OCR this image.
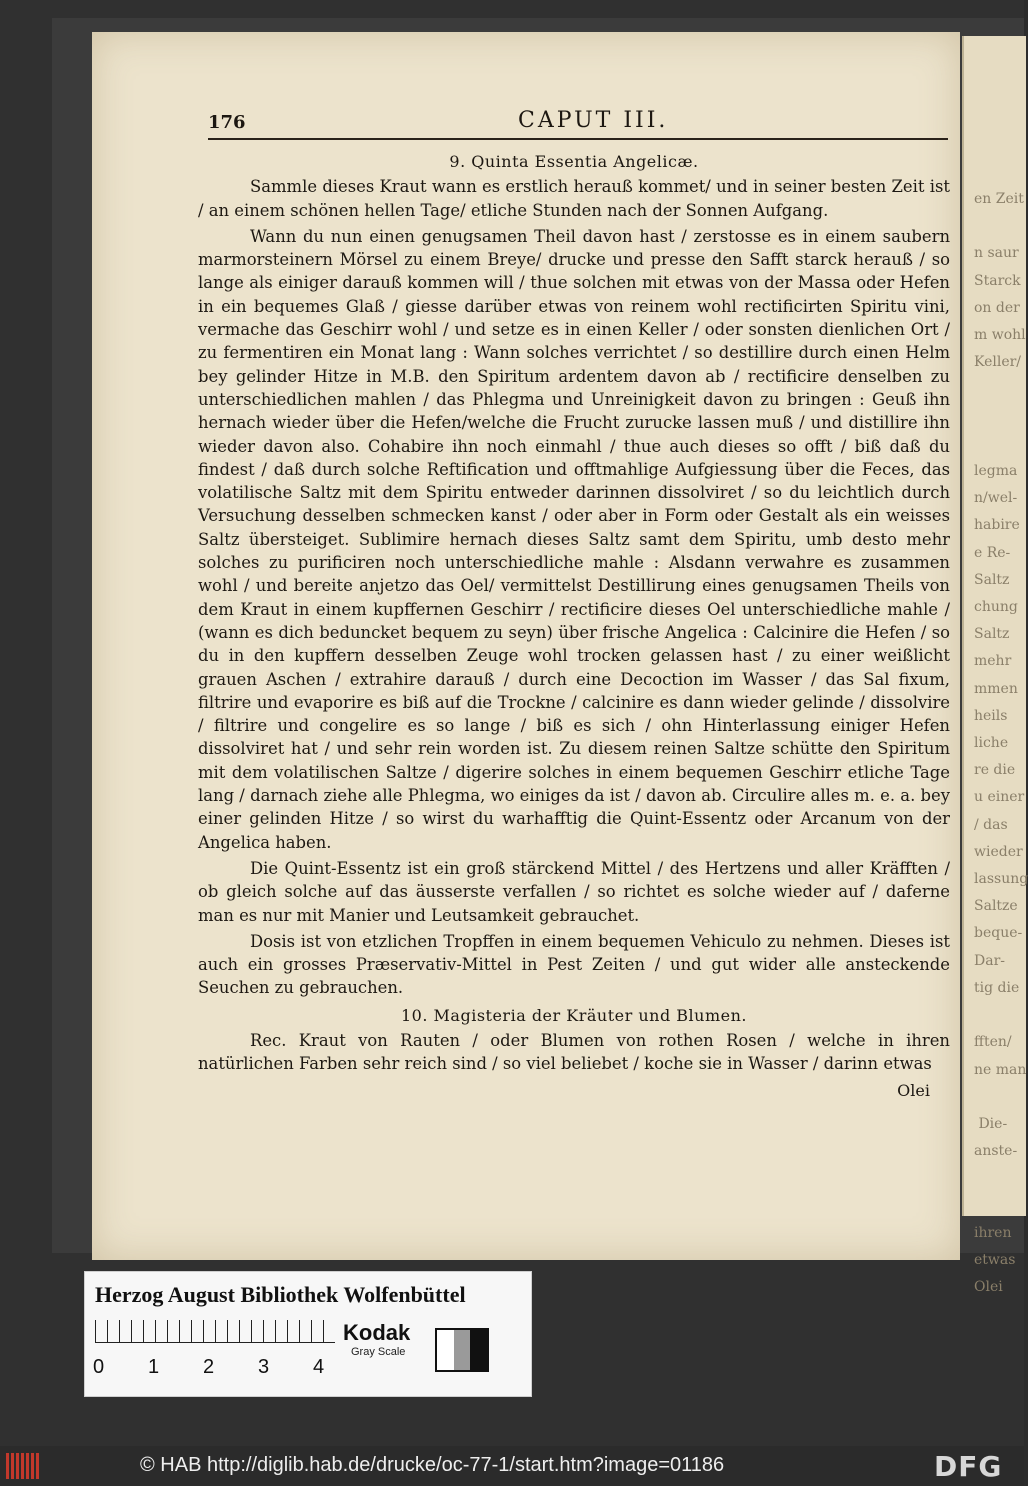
en Zeit

n saur
Starck
on der
m wohl
Keller/

legma
n/wel-
habire
e Re-
Saltz
chung
Saltz
mehr
mmen
heils
liche
re die
u einer
/ das
wieder
lassung
Saltze
beque-
Dar-
tig die

fften/
ne man

Die-
anste-

ihren
etwas
Olei
176	CAPUT III.
9. Quinta Essentia Angelicæ.

Sammle dieses Kraut wann es erstlich herauß kommet/ und in seiner besten Zeit ist / an einem schönen hellen Tage/ etliche Stunden nach der Sonnen Aufgang.

Wann du nun einen genugsamen Theil davon hast / zerstosse es in einem saubern marmorsteinern Mörsel zu einem Breye/ drucke und presse den Safft starck herauß / so lange als einiger darauß kommen will / thue solchen mit etwas von der Massa oder Hefen in ein bequemes Glaß / giesse darüber etwas von reinem wohl rectificirten Spiritu vini, vermache das Geschirr wohl / und setze es in einen Keller / oder sonsten dienlichen Ort / zu fermentiren ein Monat lang : Wann solches verrichtet / so destillire durch einen Helm bey gelinder Hitze in M.B. den Spiritum ardentem davon ab / rectificire denselben zu unterschiedlichen mahlen / das Phlegma und Unreinigkeit davon zu bringen : Geuß ihn hernach wieder über die Hefen/welche die Frucht zurucke lassen muß / und distillire ihn wieder davon also. Cohabire ihn noch einmahl / thue auch dieses so offt / biß daß du findest / daß durch solche Reftification und offtmahlige Aufgiessung über die Feces, das volatilische Saltz mit dem Spiritu entweder darinnen dissolviret / so du leichtlich durch Versuchung desselben schmecken kanst / oder aber in Form oder Gestalt als ein weisses Saltz übersteiget. Sublimire hernach dieses Saltz samt dem Spiritu, umb desto mehr solches zu purificiren noch unterschiedliche mahle : Alsdann verwahre es zusammen wohl / und bereite anjetzo das Oel/ vermittelst Destillirung eines genugsamen Theils von dem Kraut in einem kupffernen Geschirr / rectificire dieses Oel unterschiedliche mahle / (wann es dich beduncket bequem zu seyn) über frische Angelica : Calcinire die Hefen / so du in den kupffern desselben Zeuge wohl trocken gelassen hast / zu einer weißlicht grauen Aschen / extrahire darauß / durch eine Decoction im Wasser / das Sal fixum, filtrire und evaporire es biß auf die Trockne / calcinire es dann wieder gelinde / dissolvire / filtrire und congelire es so lange / biß es sich / ohn Hinterlassung einiger Hefen dissolviret hat / und sehr rein worden ist. Zu diesem reinen Saltze schütte den Spiritum mit dem volatilischen Saltze / digerire solches in einem bequemen Geschirr etliche Tage lang / darnach ziehe alle Phlegma, wo einiges da ist / davon ab. Circulire alles m. e. a. bey einer gelinden Hitze / so wirst du warhafftig die Quint-Essentz oder Arcanum von der Angelica haben.

Die Quint-Essentz ist ein groß stärckend Mittel / des Hertzens und aller Kräfften / ob gleich solche auf das äusserste verfallen / so richtet es solche wieder auf / daferne man es nur mit Manier und Leutsamkeit gebrauchet.

Dosis ist von etzlichen Tropffen in einem bequemen Vehiculo zu nehmen. Dieses ist auch ein grosses Præservativ-Mittel in Pest Zeiten / und gut wider alle ansteckende Seuchen zu gebrauchen.

10. Magisteria der Kräuter und Blumen.

Rec. Kraut von Rauten / oder Blumen von rothen Rosen / welche in ihren natürlichen Farben sehr reich sind / so viel beliebet / koche sie in Wasser / darinn etwas

Olei
Herzog August Bibliothek Wolfenbüttel
0 1 2 3 4
Kodak
Gray Scale
© HAB http://diglib.hab.de/drucke/oc-77-1/start.htm?image=01186	DFG
